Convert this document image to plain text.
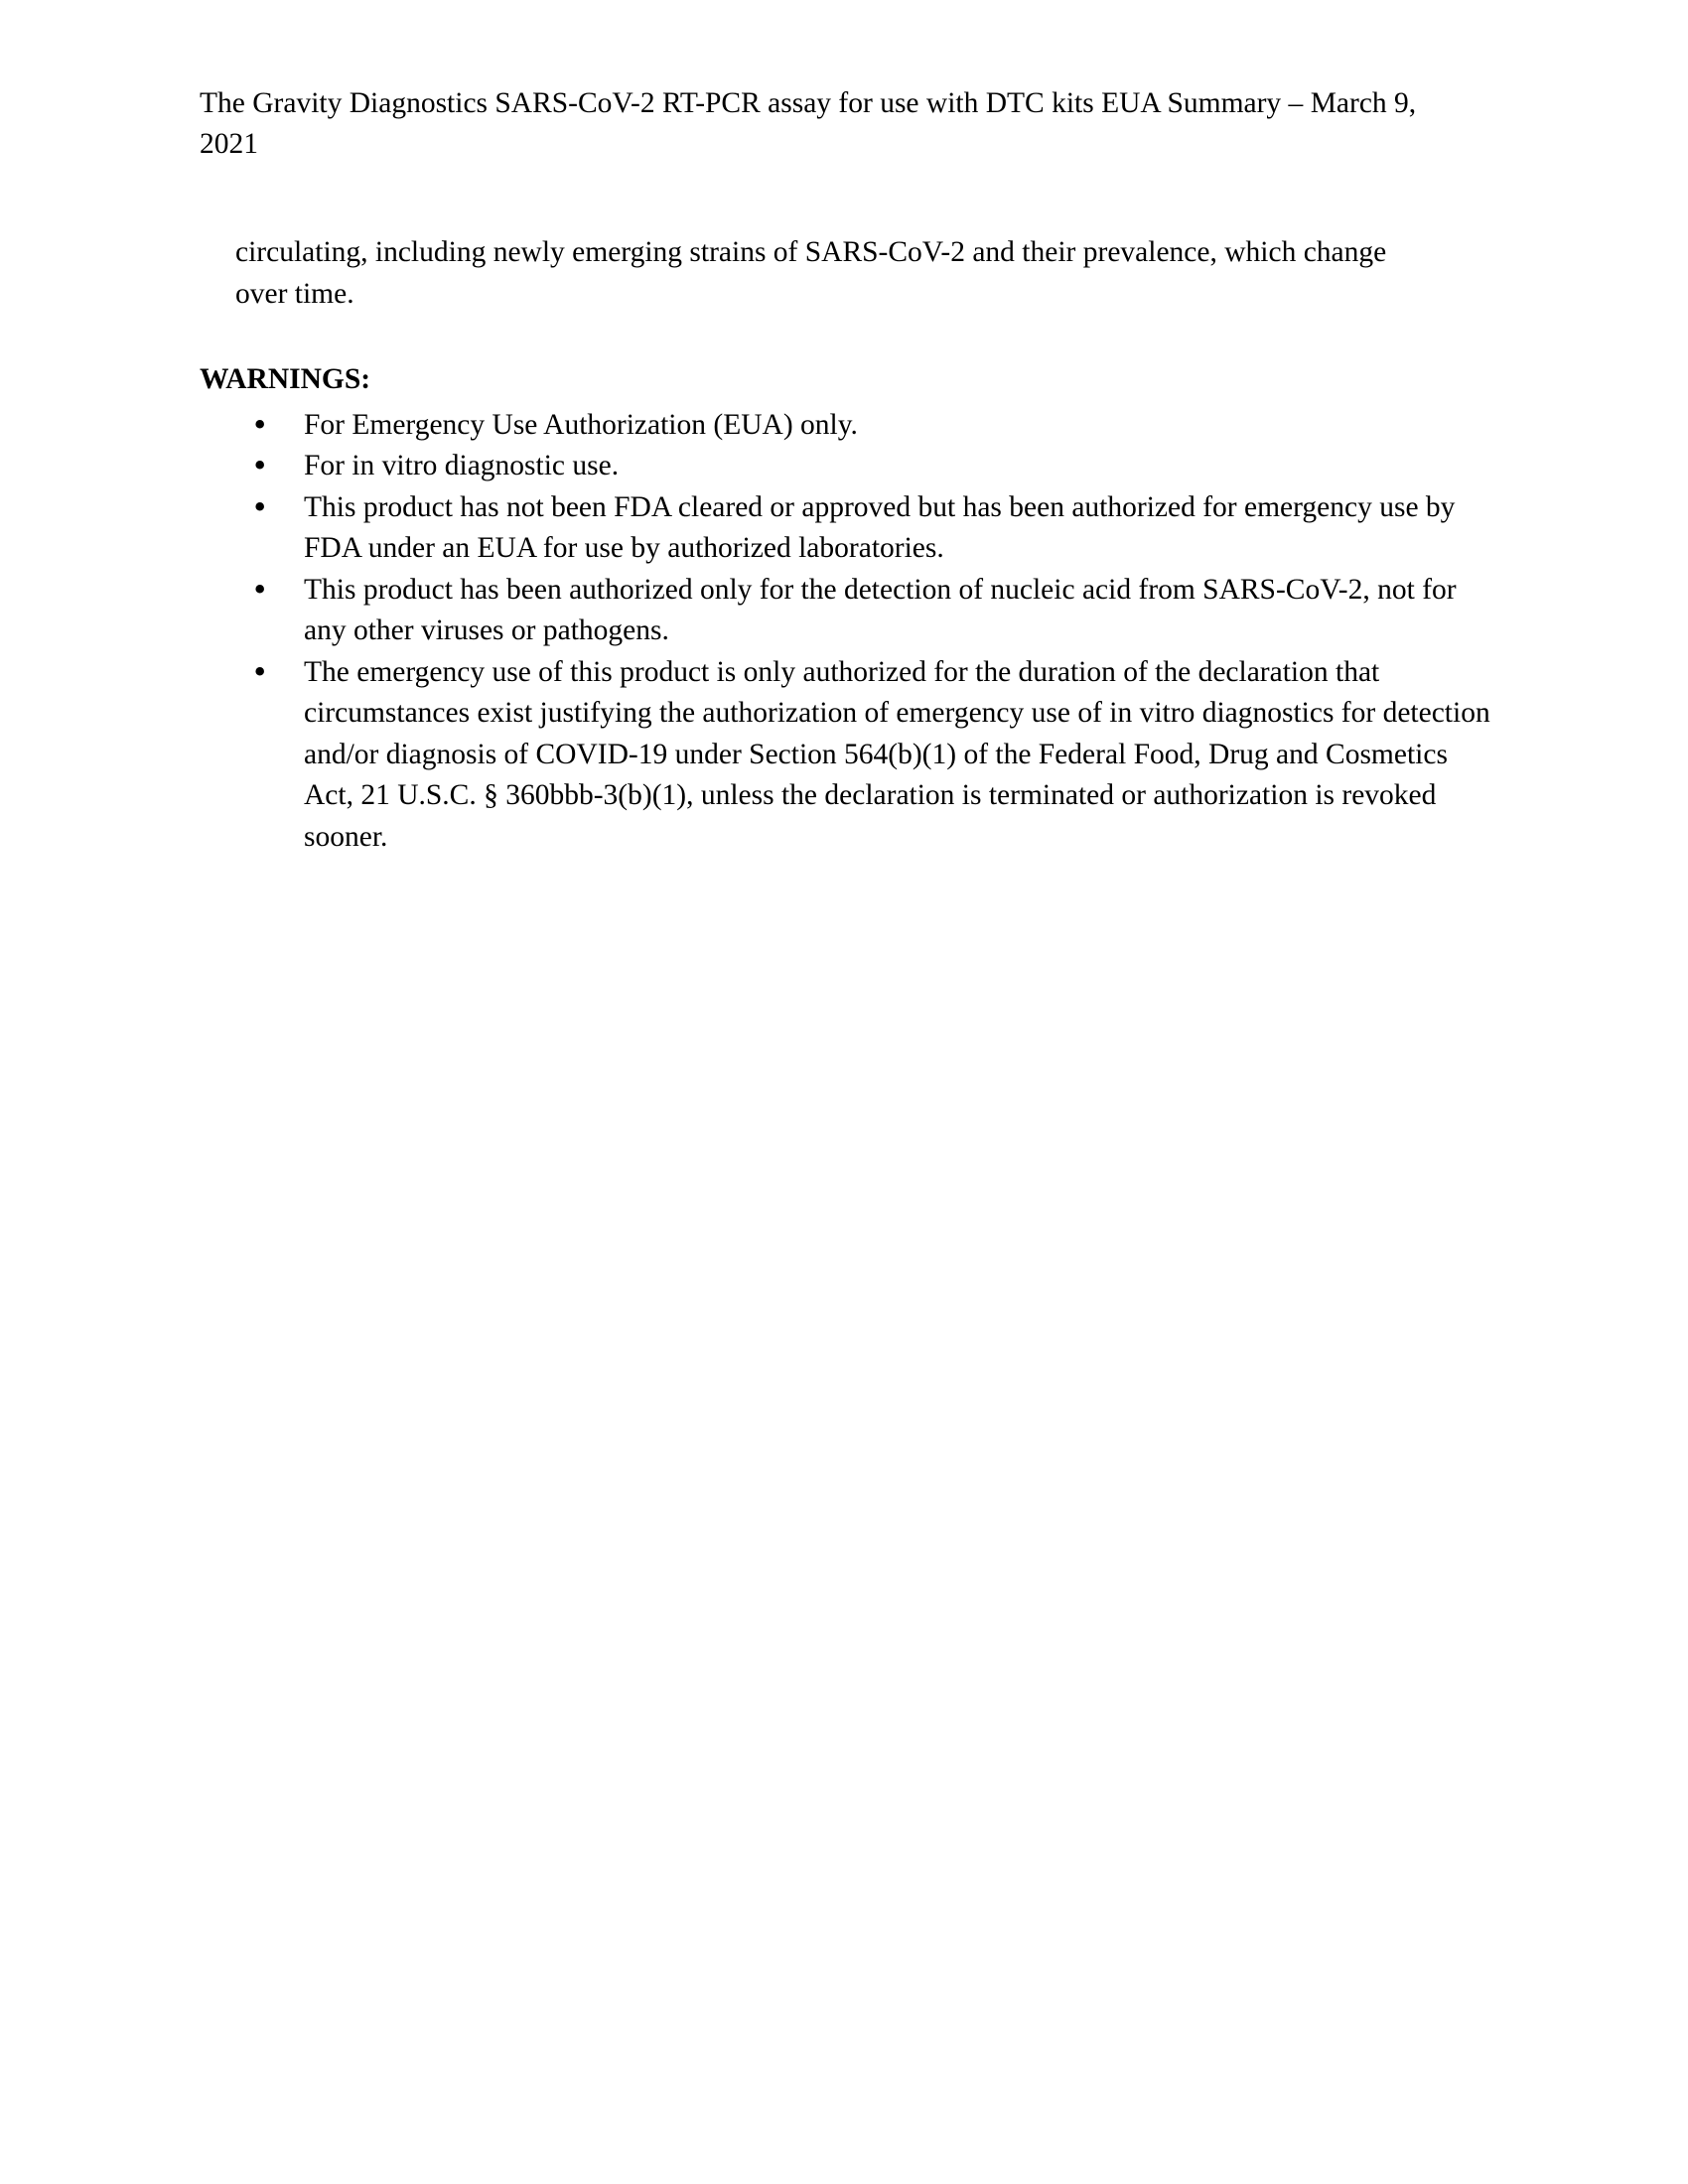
The Gravity Diagnostics SARS-CoV-2 RT-PCR assay for use with DTC kits EUA Summary – March 9, 2021

circulating, including newly emerging strains of SARS-CoV-2 and their prevalence, which change over time.

WARNINGS:
• For Emergency Use Authorization (EUA) only.
• For in vitro diagnostic use.
• This product has not been FDA cleared or approved but has been authorized for emergency use by FDA under an EUA for use by authorized laboratories.
• This product has been authorized only for the detection of nucleic acid from SARS-CoV-2, not for any other viruses or pathogens.
• The emergency use of this product is only authorized for the duration of the declaration that circumstances exist justifying the authorization of emergency use of in vitro diagnostics for detection and/or diagnosis of COVID-19 under Section 564(b)(1) of the Federal Food, Drug and Cosmetics Act, 21 U.S.C. § 360bbb-3(b)(1), unless the declaration is terminated or authorization is revoked sooner.
